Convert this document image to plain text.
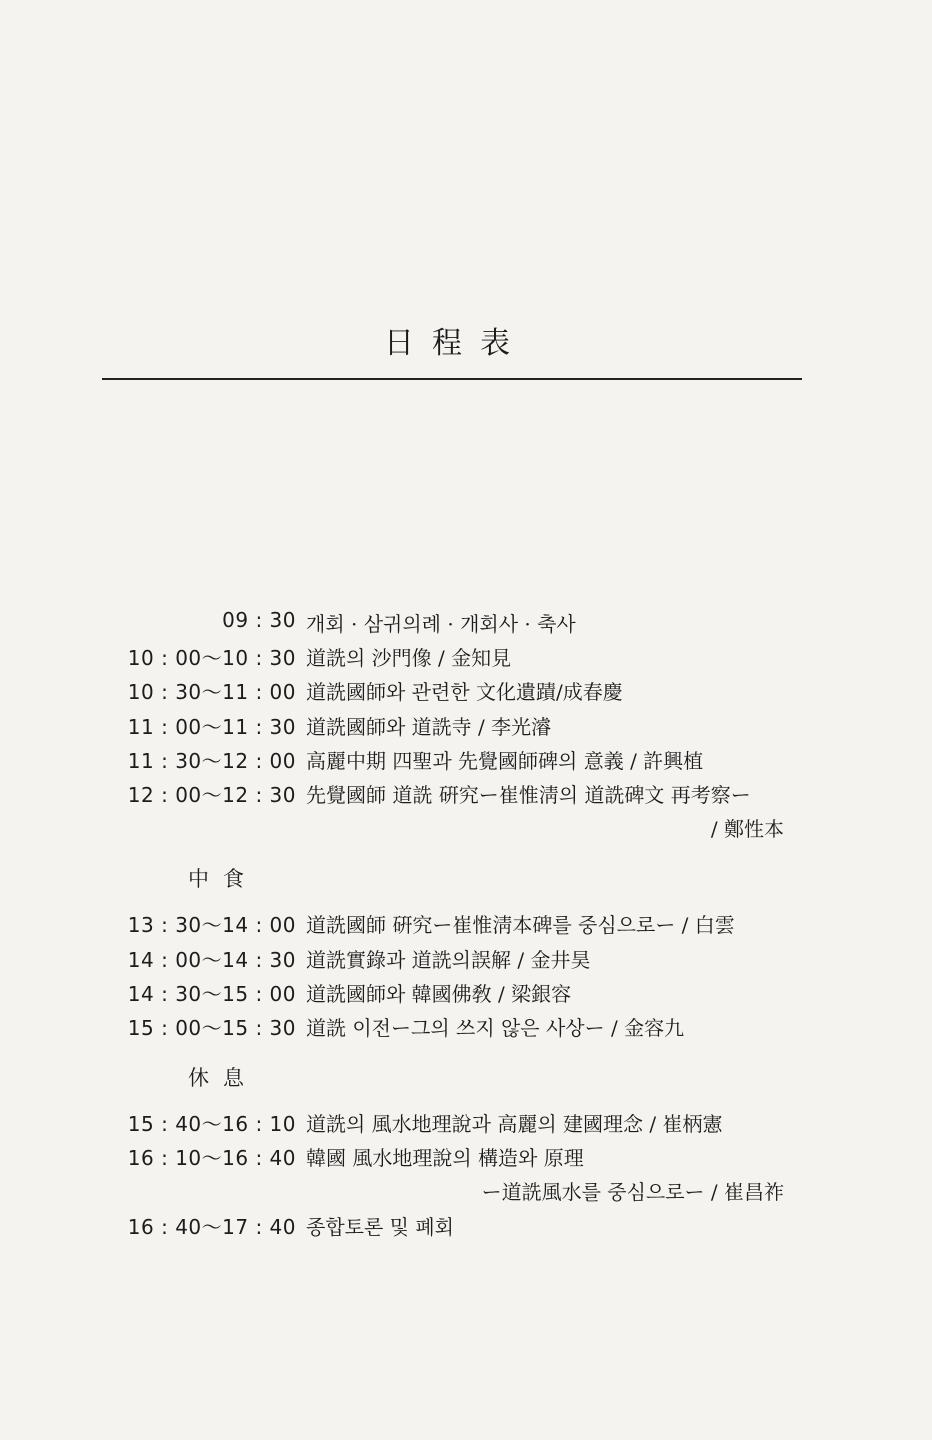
日程表
09 : 30 개회 · 삼귀의례 · 개회사 · 축사
10 : 00～10 : 30 道詵의 沙門像 / 金知見
10 : 30～11 : 00 道詵國師와 관련한 文化遺蹟/成春慶
11 : 00～11 : 30 道詵國師와 道詵寺 / 李光濬
11 : 30～12 : 00 高麗中期 四聖과 先覺國師碑의 意義 / 許興植
12 : 00～12 : 30 先覺國師 道詵 硏究ー崔惟淸의 道詵碑文 再考察ー
/ 鄭性本
中食
13 : 30～14 : 00 道詵國師 硏究ー崔惟淸本碑를 중심으로ー / 白雲
14 : 00～14 : 30 道詵實錄과 道詵의誤解 / 金井昊
14 : 30～15 : 00 道詵國師와 韓國佛敎 / 梁銀容
15 : 00～15 : 30 道詵 이전ー그의 쓰지 않은 사상ー / 金容九
休息
15 : 40～16 : 10 道詵의 風水地理說과 高麗의 建國理念 / 崔柄憲
16 : 10～16 : 40 韓國 風水地理說의 構造와 原理
ー道詵風水를 중심으로ー / 崔昌祚
16 : 40～17 : 40 종합토론 및 폐회
